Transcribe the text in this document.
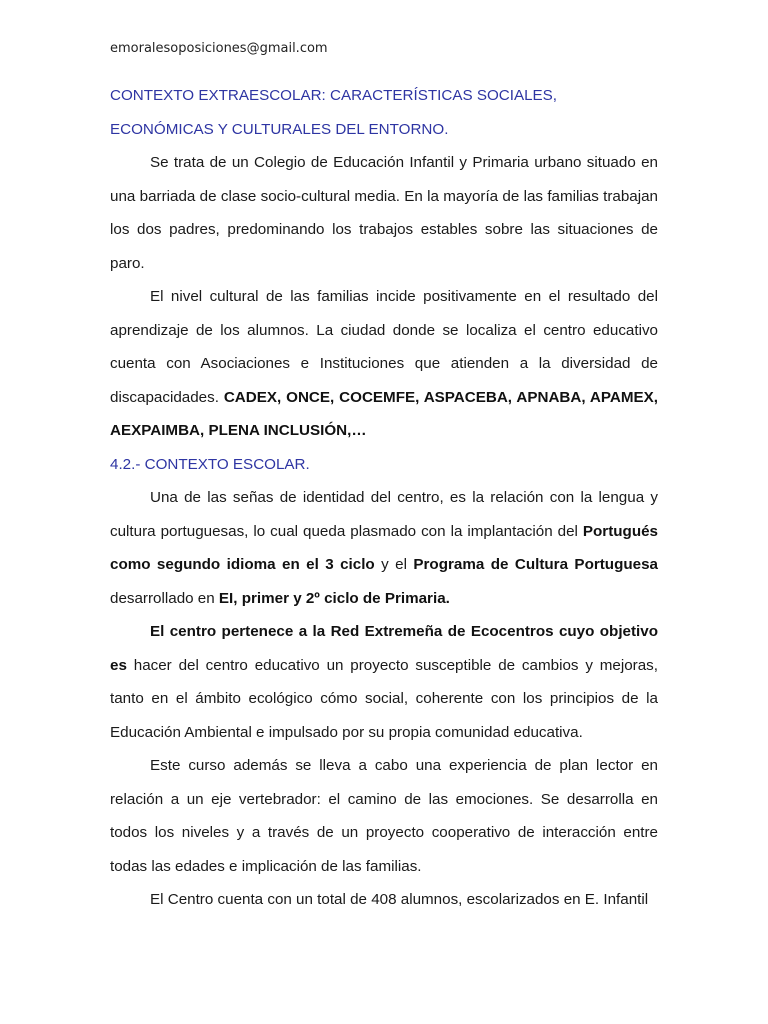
emoralesoposiciones@gmail.com
CONTEXTO EXTRAESCOLAR: CARACTERÍSTICAS SOCIALES,
ECONÓMICAS Y CULTURALES DEL ENTORNO.

Se trata de un Colegio de Educación Infantil y Primaria urbano situado en una barriada de clase socio-cultural media. En la mayoría de las familias trabajan los dos padres, predominando los trabajos estables sobre las situaciones de paro.

El nivel cultural de las familias incide positivamente en el resultado del aprendizaje de los alumnos. La ciudad donde se localiza el centro educativo cuenta con Asociaciones e Instituciones que atienden a la diversidad de discapacidades. CADEX, ONCE, COCEMFE, ASPACEBA, APNABA, APAMEX, AEXPAIMBA, PLENA INCLUSIÓN,…

4.2.- CONTEXTO ESCOLAR.

Una de las señas de identidad del centro, es la relación con la lengua y cultura portuguesas, lo cual queda plasmado con la implantación del Portugués como segundo idioma en el 3 ciclo y el Programa de Cultura Portuguesa desarrollado en EI, primer y 2º ciclo de Primaria.

El centro pertenece a la Red Extremeña de Ecocentros cuyo objetivo es hacer del centro educativo un proyecto susceptible de cambios y mejoras, tanto en el ámbito ecológico cómo social, coherente con los principios de la Educación Ambiental e impulsado por su propia comunidad educativa.

Este curso además se lleva a cabo una experiencia de plan lector en relación a un eje vertebrador: el camino de las emociones. Se desarrolla en todos los niveles y a través de un proyecto cooperativo de interacción entre todas las edades e implicación de las familias.

El Centro cuenta con un total de 408 alumnos, escolarizados en E. Infantil
